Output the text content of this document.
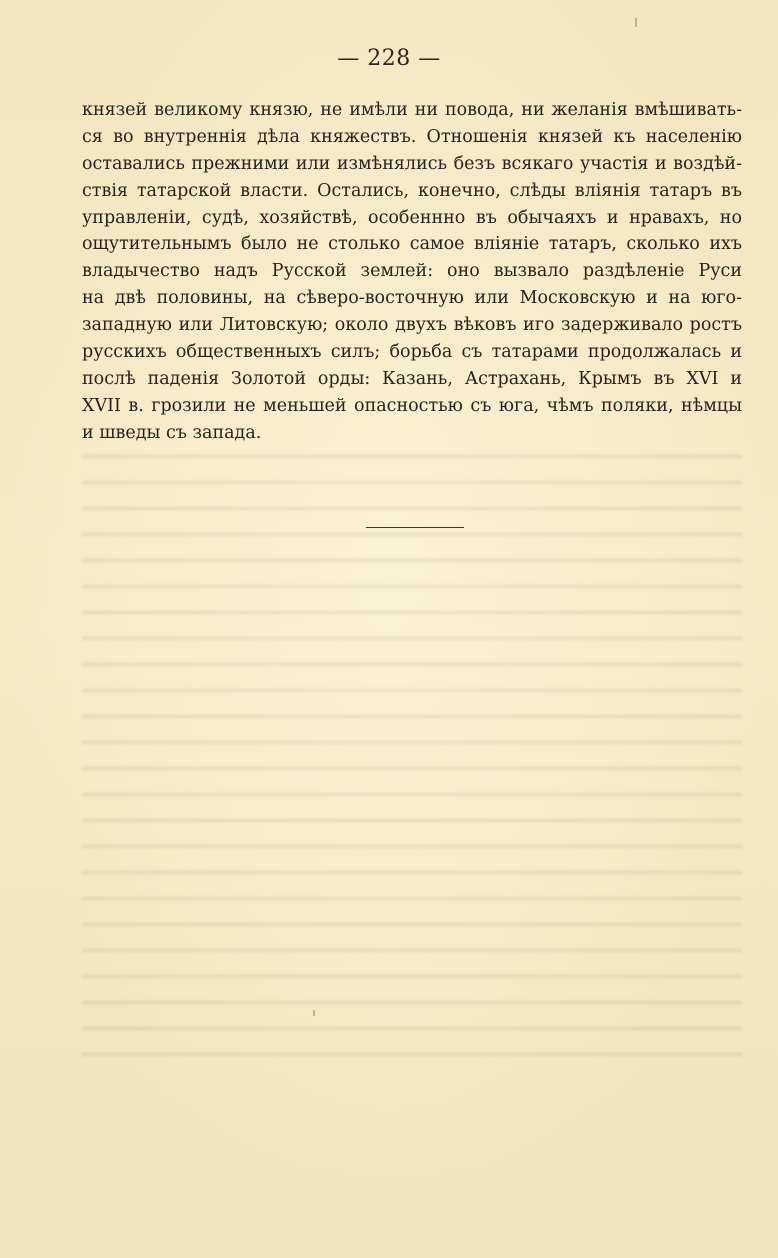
— 228 —
князей великому князю, не имѣли ни повода, ни желанія вмѣшивать-
ся во внутреннія дѣла княжествъ. Отношенія князей къ населенію
оставались прежними или измѣнялись безъ всякаго участія и воздѣй-
ствія татарской власти. Остались, конечно, слѣды вліянія татаръ въ
управленіи, судѣ, хозяйствѣ, особеннно въ обычаяхъ и нравахъ, но
ощутительнымъ было не столько самое вліяніе татаръ, сколько ихъ
владычество надъ Русской землей: оно вызвало раздѣленіе Руси
на двѣ половины, на сѣверо-восточную или Московскую и на юго-
западную или Литовскую; около двухъ вѣковъ иго задерживало ростъ
русскихъ общественныхъ силъ; борьба съ татарами продолжалась и
послѣ паденія Золотой орды: Казань, Астрахань, Крымъ въ XVI и
XVII в. грозили не меньшей опасностью съ юга, чѣмъ поляки, нѣмцы
и шведы съ запада.
